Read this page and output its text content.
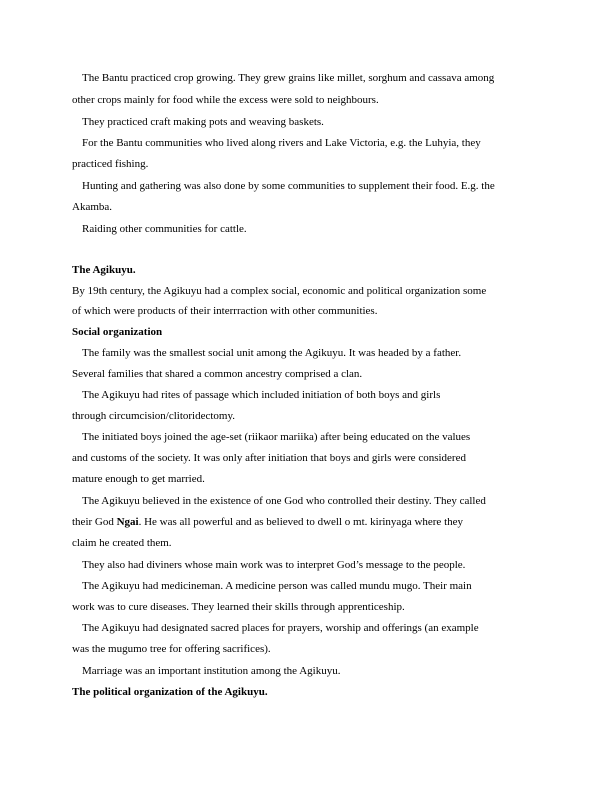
The Bantu practiced crop growing. They grew grains like millet, sorghum and cassava among
other crops mainly for food while the excess were sold to neighbours.
They practiced craft making pots and weaving baskets.
For the Bantu communities who lived along rivers and Lake Victoria, e.g. the Luhyia, they
practiced fishing.
Hunting and gathering was also done by some communities to supplement their food. E.g. the
Akamba.
Raiding other communities for cattle.
The Agikuyu.
By 19th century, the Agikuyu had a complex social, economic and political organization some
of which were products of their interrraction with other communities.
Social organization
The family was the smallest social unit among the Agikuyu. It was headed by a father.
Several families that shared a common ancestry comprised a clan.
The Agikuyu had rites of passage which included initiation of both boys and girls
through circumcision/clitoridectomy.
The initiated boys joined the age-set (riikaor mariika) after being educated on the values
and customs of the society. It was only after initiation that boys and girls were considered
mature enough to get married.
The Agikuyu believed in the existence of one God who controlled their destiny. They called
their God Ngai. He was all powerful and as believed to dwell o mt. kirinyaga where they
claim he created them.
They also had diviners whose main work was to interpret God’s message to the people.
The Agikuyu had medicineman. A medicine person was called mundu mugo. Their main
work was to cure diseases. They learned their skills through apprenticeship.
The Agikuyu had designated sacred places for prayers, worship and offerings (an example
was the mugumo tree for offering sacrifices).
Marriage was an important institution among the Agikuyu.
The political organization of the Agikuyu.
